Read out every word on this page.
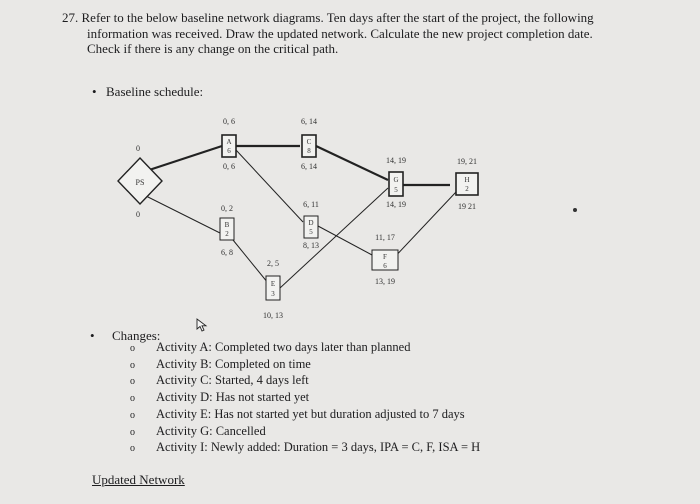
27. Refer to the below baseline network diagrams. Ten days after the start of the project, the following

information was received. Draw the updated network. Calculate the new project completion date.

Check if there is any change on the critical path.

• Baseline schedule:
PS
0
0
0, 6
A
6
0, 6
0, 2
B
2
6, 8
6, 14
C
8
6, 14
6, 11
D
5
8, 13
2, 5
E
3
10, 13
11, 17
F
6
13, 19
14, 19
G
5
14, 19
19, 21
H
2
19 21
• Changes:
o Activity A: Completed two days later than planned
o Activity B: Completed on time
o Activity C: Started, 4 days left
o Activity D: Has not started yet
o Activity E: Has not started yet but duration adjusted to 7 days
o Activity G: Cancelled
o Activity I: Newly added: Duration = 3 days, IPA = C, F, ISA = H
Updated Network
